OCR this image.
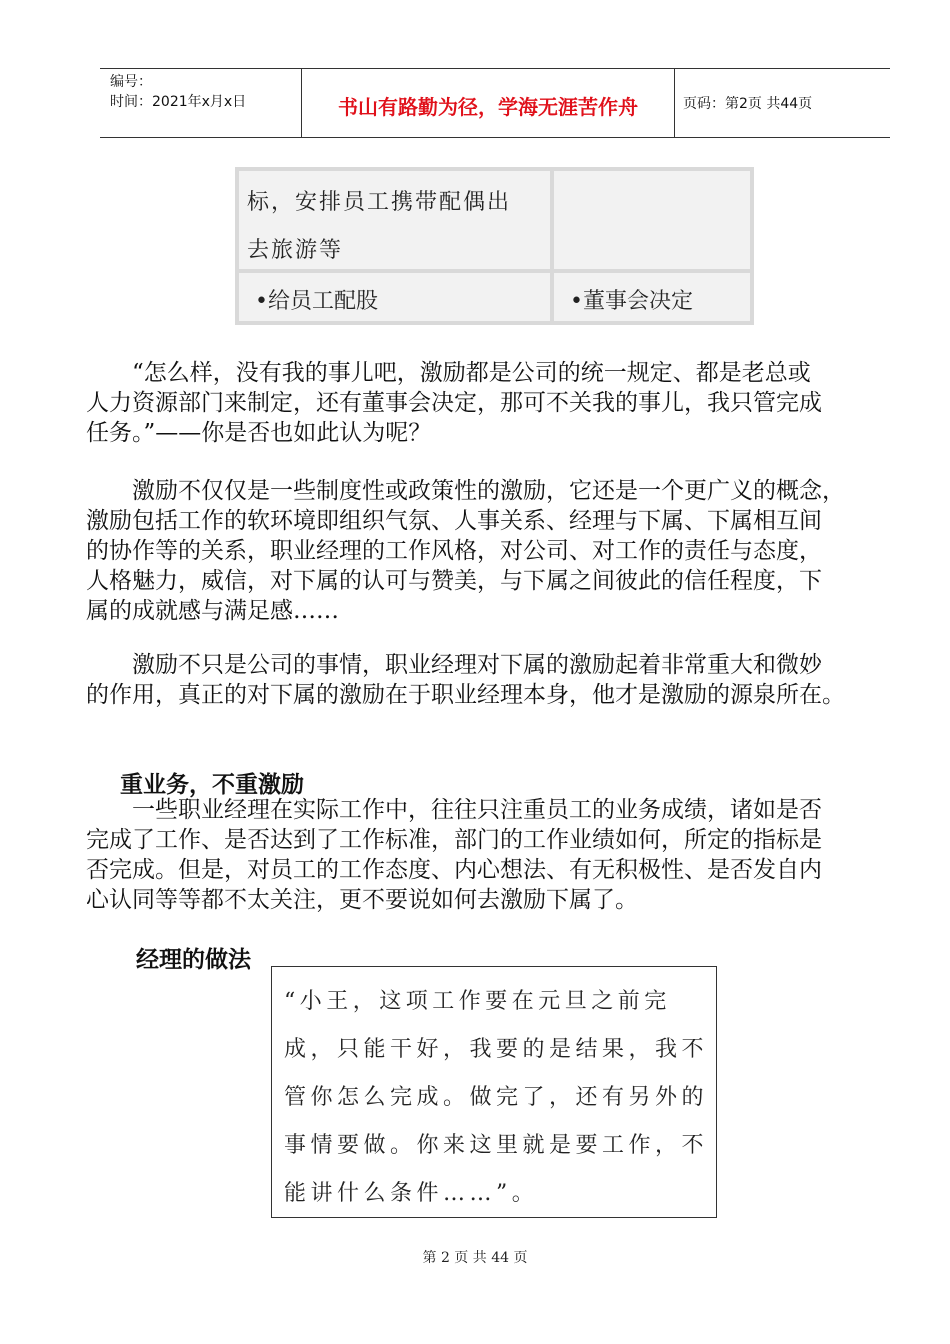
编号：
时间：2021年x月x日	书山有路勤为径，学海无涯苦作舟	页码：第2页 共44页
标，安排员工携带配偶出
去旅游等
•给员工配股	•董事会决定
　　“怎么样，没有我的事儿吧，激励都是公司的统一规定、都是老总或
人力资源部门来制定，还有董事会决定，那可不关我的事儿，我只管完成
任务。”——你是否也如此认为呢？
　　激励不仅仅是一些制度性或政策性的激励，它还是一个更广义的概念，
激励包括工作的软环境即组织气氛、人事关系、经理与下属、下属相互间
的协作等的关系，职业经理的工作风格，对公司、对工作的责任与态度，
人格魅力，威信，对下属的认可与赞美，与下属之间彼此的信任程度，下
属的成就感与满足感……
　　激励不只是公司的事情，职业经理对下属的激励起着非常重大和微妙
的作用，真正的对下属的激励在于职业经理本身，他才是激励的源泉所在。
重业务，不重激励
　　一些职业经理在实际工作中，往往只注重员工的业务成绩，诸如是否
完成了工作、是否达到了工作标准，部门的工作业绩如何，所定的指标是
否完成。但是，对员工的工作态度、内心想法、有无积极性、是否发自内
心认同等等都不太关注，更不要说如何去激励下属了。
经理的做法
“小王，这项工作要在元旦之前完
成，只能干好，我要的是结果，我不
管你怎么完成。做完了，还有另外的
事情要做。你来这里就是要工作，不
能讲什么条件……”。
第 2 页 共 44 页
